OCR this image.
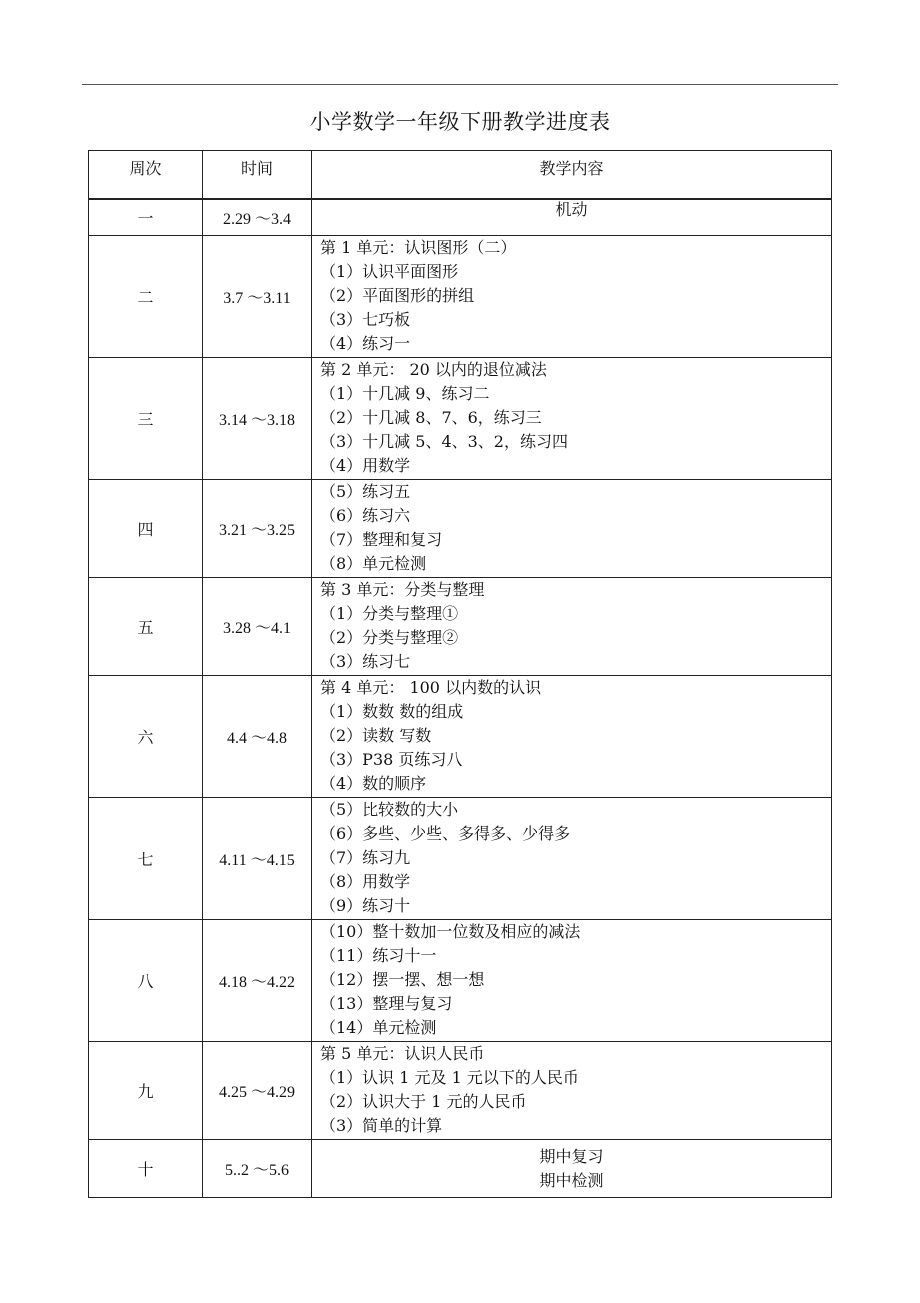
小学数学一年级下册教学进度表
周次	时间	教学内容

一	2.29 ～3.4	机动

二	3.7 ～3.11	第 1 单元：认识图形（二）
（1）认识平面图形
（2）平面图形的拼组
（3）七巧板
（4）练习一

三	3.14 ～3.18	第 2 单元： 20 以内的退位减法
（1）十几减 9、练习二
（2）十几减 8、7、6，练习三
（3）十几减 5、4、3、2，练习四
（4）用数学

四	3.21 ～3.25	（5）练习五
（6）练习六
（7）整理和复习
（8）单元检测

五	3.28 ～4.1	第 3 单元：分类与整理
（1）分类与整理①
（2）分类与整理②
（3）练习七

六	4.4 ～4.8	第 4 单元： 100 以内数的认识
（1）数数 数的组成
（2）读数 写数
（3）P38 页练习八
（4）数的顺序

七	4.11 ～4.15	（5）比较数的大小
（6）多些、少些、多得多、少得多
（7）练习九
（8）用数学
（9）练习十

八	4.18 ～4.22	（10）整十数加一位数及相应的减法
（11）练习十一
（12）摆一摆、想一想
（13）整理与复习
（14）单元检测

九	4.25 ～4.29	第 5 单元：认识人民币
（1）认识 1 元及 1 元以下的人民币
（2）认识大于 1 元的人民币
（3）简单的计算

十	5..2 ～5.6	期中复习
期中检测
